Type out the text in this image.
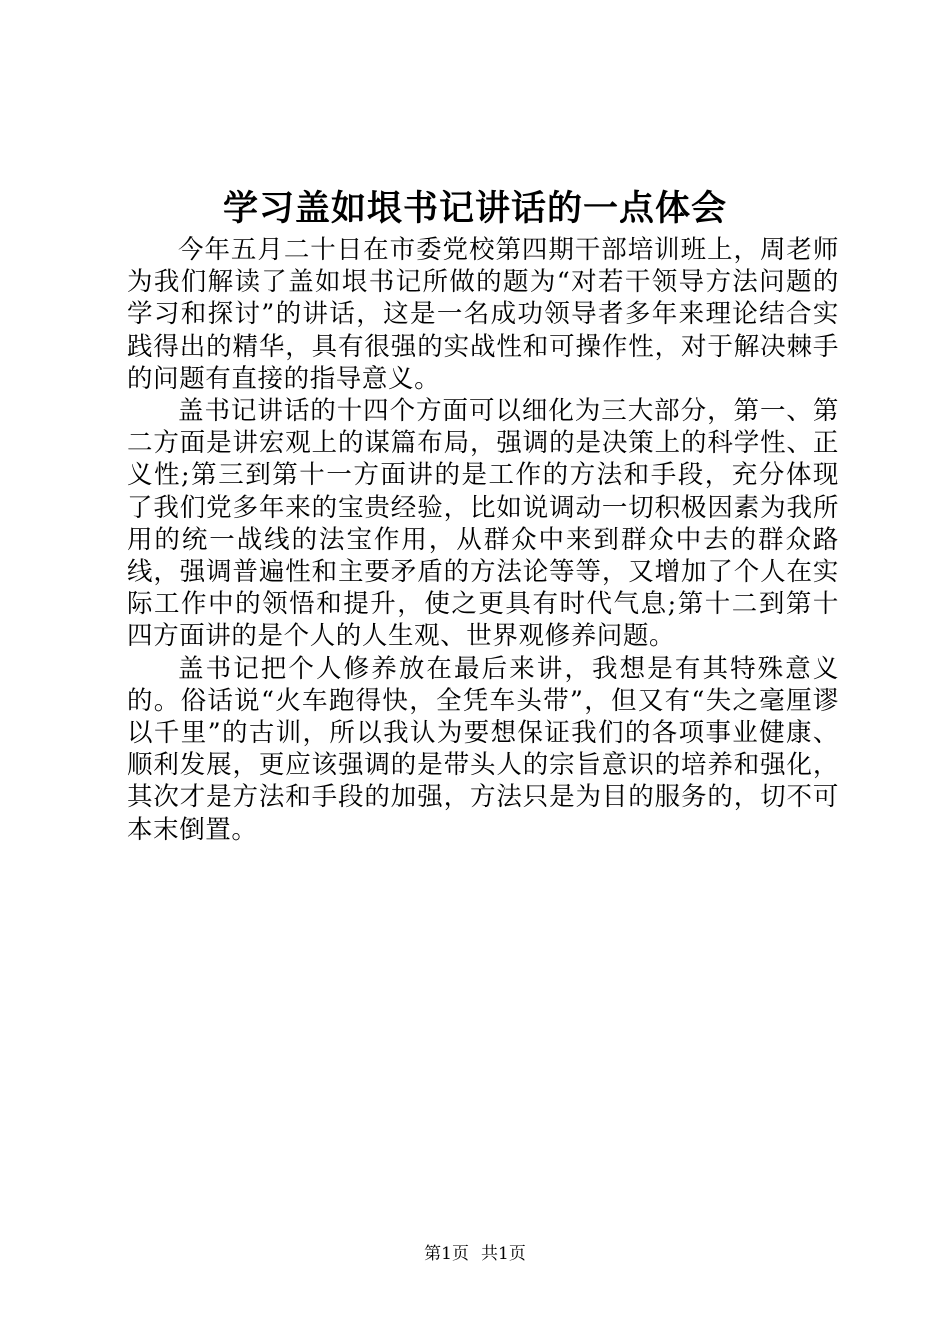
学习盖如垠书记讲话的一点体会

今年五月二十日在市委党校第四期干部培训班上，周老师为我们解读了盖如垠书记所做的题为“对若干领导方法问题的学习和探讨”的讲话，这是一名成功领导者多年来理论结合实践得出的精华，具有很强的实战性和可操作性，对于解决棘手的问题有直接的指导意义。

盖书记讲话的十四个方面可以细化为三大部分，第一、第二方面是讲宏观上的谋篇布局，强调的是决策上的科学性、正义性;第三到第十一方面讲的是工作的方法和手段，充分体现了我们党多年来的宝贵经验，比如说调动一切积极因素为我所用的统一战线的法宝作用，从群众中来到群众中去的群众路线，强调普遍性和主要矛盾的方法论等等，又增加了个人在实际工作中的领悟和提升，使之更具有时代气息;第十二到第十四方面讲的是个人的人生观、世界观修养问题。

盖书记把个人修养放在最后来讲，我想是有其特殊意义的。俗话说“火车跑得快，全凭车头带”，但又有“失之毫厘谬以千里”的古训，所以我认为要想保证我们的各项事业健康、顺利发展，更应该强调的是带头人的宗旨意识的培养和强化，其次才是方法和手段的加强，方法只是为目的服务的，切不可本末倒置。

第1页 共1页
